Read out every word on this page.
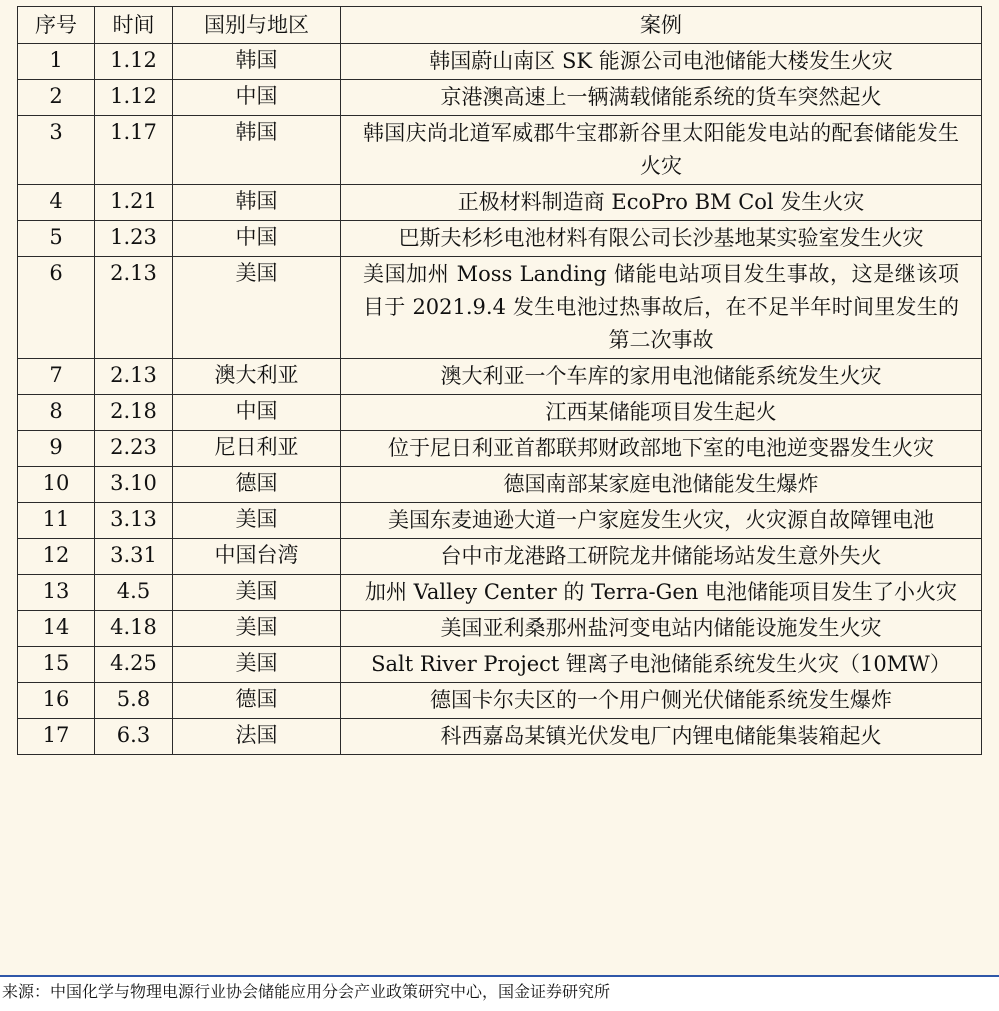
序号	时间	国别与地区	案例
1	1.12	韩国	韩国蔚山南区 SK 能源公司电池储能大楼发生火灾
2	1.12	中国	京港澳高速上一辆满载储能系统的货车突然起火
3	1.17	韩国	韩国庆尚北道军威郡牛宝郡新谷里太阳能发电站的配套储能发生火灾
4	1.21	韩国	正极材料制造商 EcoPro BM Col 发生火灾
5	1.23	中国	巴斯夫杉杉电池材料有限公司长沙基地某实验室发生火灾
6	2.13	美国	美国加州 Moss Landing 储能电站项目发生事故，这是继该项目于 2021.9.4 发生电池过热事故后，在不足半年时间里发生的第二次事故
7	2.13	澳大利亚	澳大利亚一个车库的家用电池储能系统发生火灾
8	2.18	中国	江西某储能项目发生起火
9	2.23	尼日利亚	位于尼日利亚首都联邦财政部地下室的电池逆变器发生火灾
10	3.10	德国	德国南部某家庭电池储能发生爆炸
11	3.13	美国	美国东麦迪逊大道一户家庭发生火灾，火灾源自故障锂电池
12	3.31	中国台湾	台中市龙港路工研院龙井储能场站发生意外失火
13	4.5	美国	加州 Valley Center 的 Terra-Gen 电池储能项目发生了小火灾
14	4.18	美国	美国亚利桑那州盐河变电站内储能设施发生火灾
15	4.25	美国	Salt River Project 锂离子电池储能系统发生火灾（10MW）
16	5.8	德国	德国卡尔夫区的一个用户侧光伏储能系统发生爆炸
17	6.3	法国	科西嘉岛某镇光伏发电厂内锂电储能集装箱起火
来源：中国化学与物理电源行业协会储能应用分会产业政策研究中心，国金证券研究所
